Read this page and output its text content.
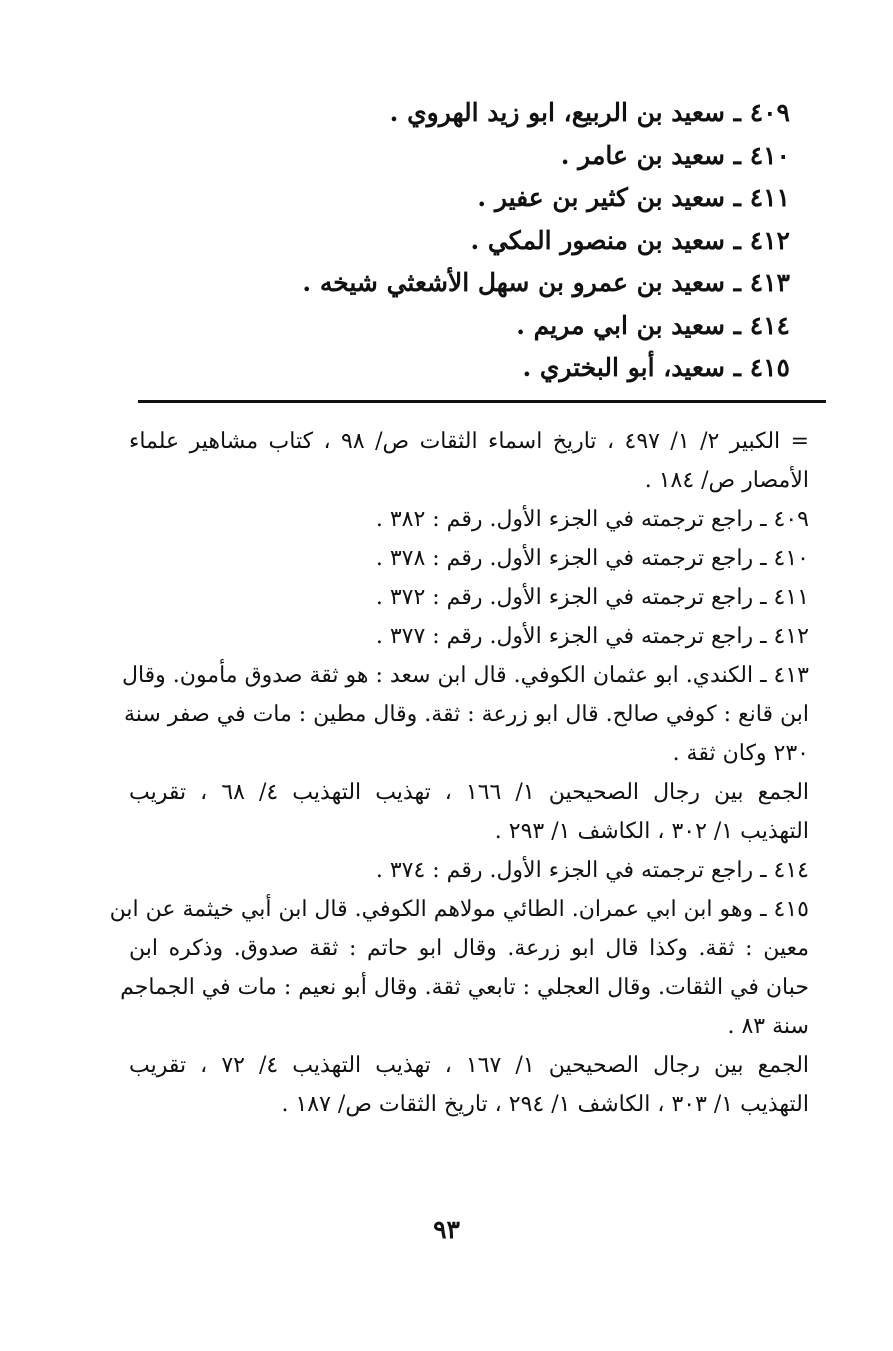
٤٠٩ ـ سعيد بن الربيع، ابو زيد الهروي .
٤١٠ ـ سعيد بن عامر .
٤١١ ـ سعيد بن كثير بن عفير .
٤١٢ ـ سعيد بن منصور المكي .
٤١٣ ـ سعيد بن عمرو بن سهل الأشعثي شيخه .
٤١٤ ـ سعيد بن ابي مريم .
٤١٥ ـ سعيد، أبو البختري .

= الكبير ٢/ ١/ ٤٩٧ ، تاريخ اسماء الثقات ص/ ٩٨ ، كتاب مشاهير علماء
الأمصار ص/ ١٨٤ .

٤٠٩ ـ راجع ترجمته في الجزء الأول. رقم : ٣٨٢ .

٤١٠ ـ راجع ترجمته في الجزء الأول. رقم : ٣٧٨ .

٤١١ ـ راجع ترجمته في الجزء الأول. رقم : ٣٧٢ .

٤١٢ ـ راجع ترجمته في الجزء الأول. رقم : ٣٧٧ .

٤١٣ ـ الكندي. ابو عثمان الكوفي. قال ابن سعد : هو ثقة صدوق مأمون. وقال
ابن قانع : كوفي صالح. قال ابو زرعة : ثقة. وقال مطين : مات في صفر سنة
٢٣٠ وكان ثقة .

الجمع بين رجال الصحيحين ١/ ١٦٦ ، تهذيب التهذيب ٤/ ٦٨ ، تقريب
التهذيب ١/ ٣٠٢ ، الكاشف ١/ ٢٩٣ .

٤١٤ ـ راجع ترجمته في الجزء الأول. رقم : ٣٧٤ .

٤١٥ ـ وهو ابن ابي عمران. الطائي مولاهم الكوفي. قال ابن أبي خيثمة عن ابن
معين : ثقة. وكذا قال ابو زرعة. وقال ابو حاتم : ثقة صدوق. وذكره ابن
حبان في الثقات. وقال العجلي : تابعي ثقة. وقال أبو نعيم : مات في الجماجم
سنة ٨٣ .

الجمع بين رجال الصحيحين ١/ ١٦٧ ، تهذيب التهذيب ٤/ ٧٢ ، تقريب
التهذيب ١/ ٣٠٣ ، الكاشف ١/ ٢٩٤ ، تاريخ الثقات ص/ ١٨٧ .

٩٣
